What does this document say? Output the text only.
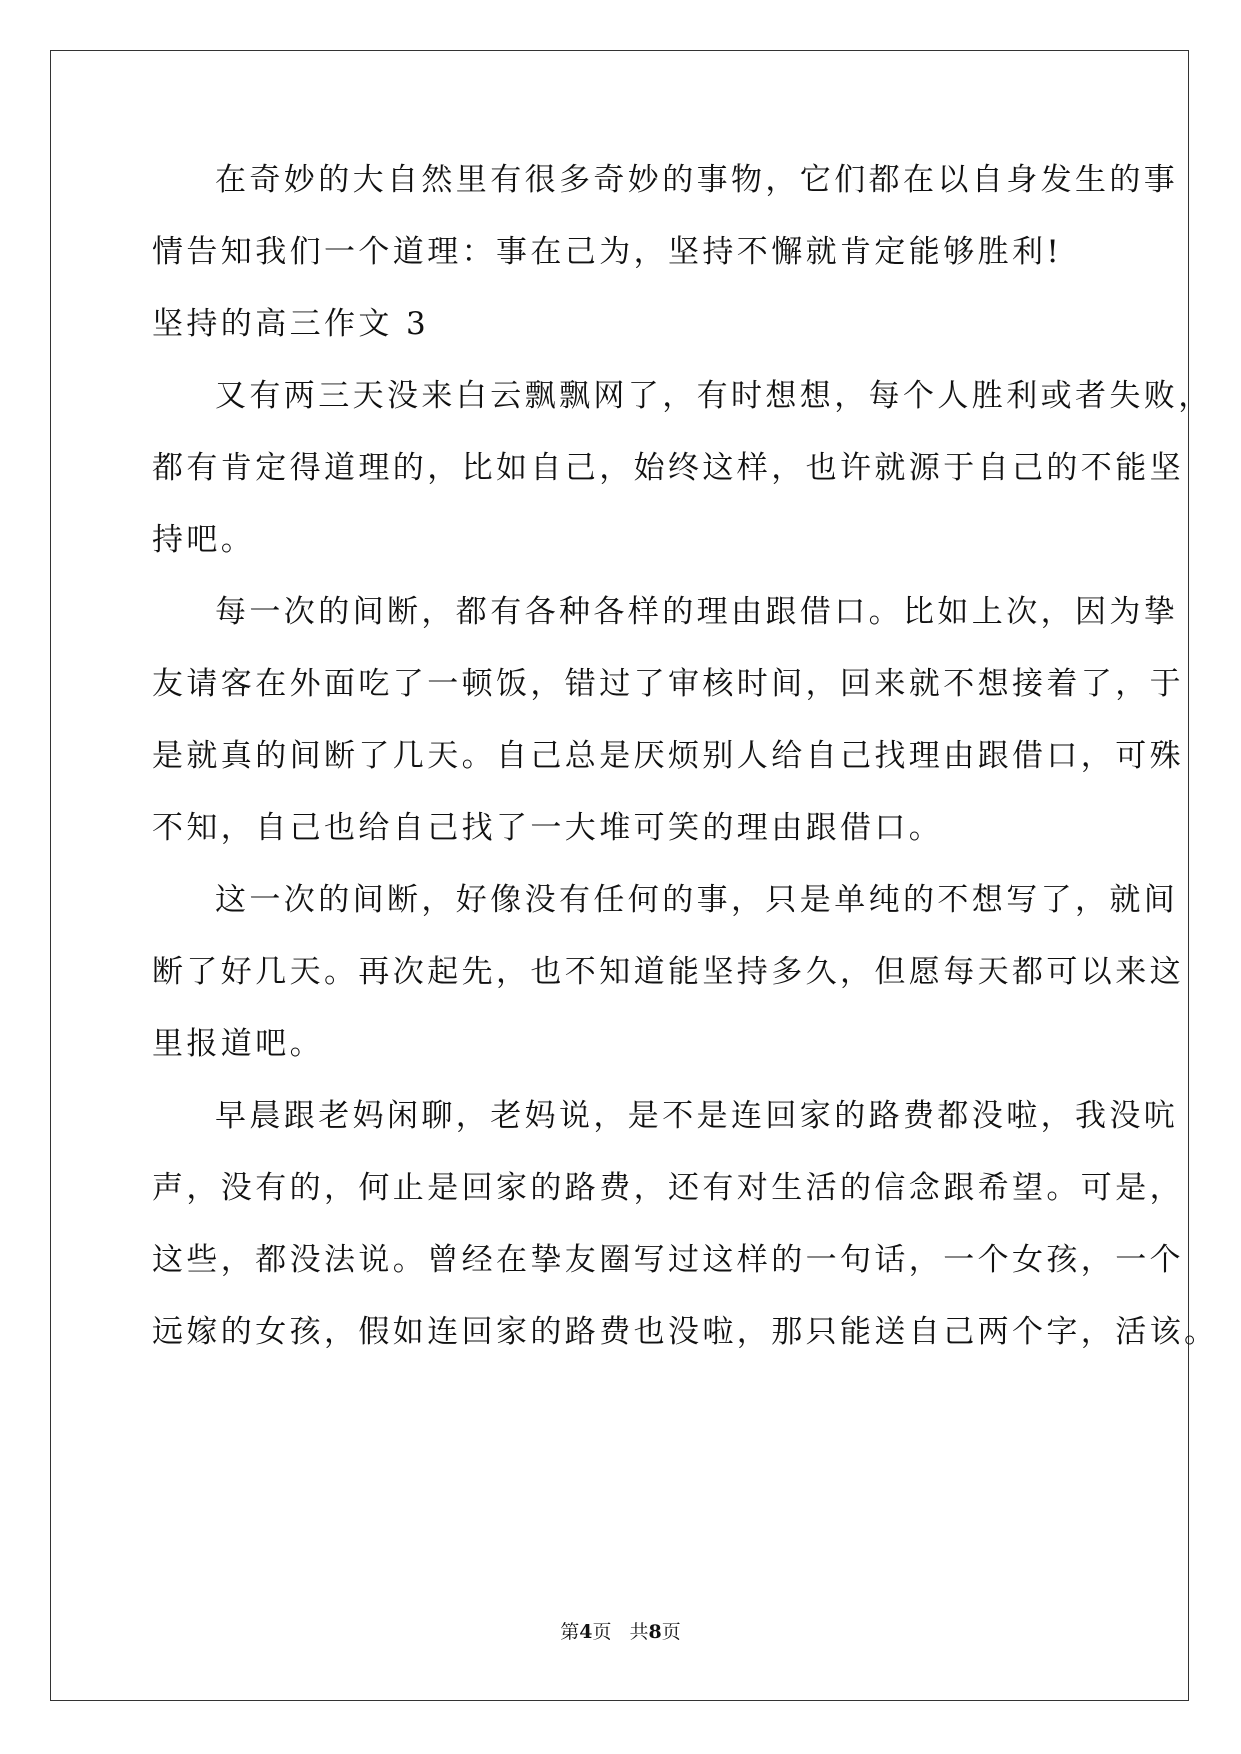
在奇妙的大自然里有很多奇妙的事物，它们都在以自身发生的事
情告知我们一个道理：事在己为，坚持不懈就肯定能够胜利!
坚持的高三作文 3
又有两三天没来白云飘飘网了，有时想想，每个人胜利或者失败，
都有肯定得道理的，比如自己，始终这样，也许就源于自己的不能坚
持吧。
每一次的间断，都有各种各样的理由跟借口。比如上次，因为挚
友请客在外面吃了一顿饭，错过了审核时间，回来就不想接着了，于
是就真的间断了几天。自己总是厌烦别人给自己找理由跟借口，可殊
不知，自己也给自己找了一大堆可笑的理由跟借口。
这一次的间断，好像没有任何的事，只是单纯的不想写了，就间
断了好几天。再次起先，也不知道能坚持多久，但愿每天都可以来这
里报道吧。
早晨跟老妈闲聊，老妈说，是不是连回家的路费都没啦，我没吭
声，没有的，何止是回家的路费，还有对生活的信念跟希望。可是，
这些，都没法说。曾经在挚友圈写过这样的一句话，一个女孩，一个
远嫁的女孩，假如连回家的路费也没啦，那只能送自己两个字，活该。
第4页 共8页
